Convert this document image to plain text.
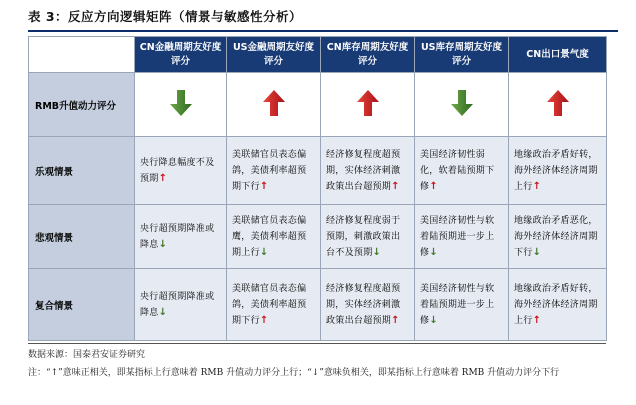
表 3：反应方向逻辑矩阵（情景与敏感性分析）
	CN金融周期友好度评分	US金融周期友好度评分	CN库存周期友好度评分	US库存周期友好度评分	CN出口景气度
RMB升值动力评分					
乐观情景	央行降息幅度不及预期↑	美联储官员表态偏鸽，美债利率超预期下行↑	经济修复程度超预期，实体经济刺激政策出台超预期↑	美国经济韧性弱化，软着陆预期下修↑	地缘政治矛盾好转，海外经济体经济周期上行↑
悲观情景	央行超预期降准或降息↓	美联储官员表态偏鹰，美债利率超预期上行↓	经济修复程度弱于预期，刺激政策出台不及预期↓	美国经济韧性与软着陆预期进一步上修↓	地缘政治矛盾恶化，海外经济体经济周期下行↓
复合情景	央行超预期降准或降息↓	美联储官员表态偏鸽，美债利率超预期下行↑	经济修复程度超预期，实体经济刺激政策出台超预期↑	美国经济韧性与软着陆预期进一步上修↓	地缘政治矛盾好转，海外经济体经济周期上行↑
数据来源：国泰君安证券研究
注：“↑”意味正相关，即某指标上行意味着 RMB 升值动力评分上行；“↓”意味负相关，即某指标上行意味着 RMB 升值动力评分下行
